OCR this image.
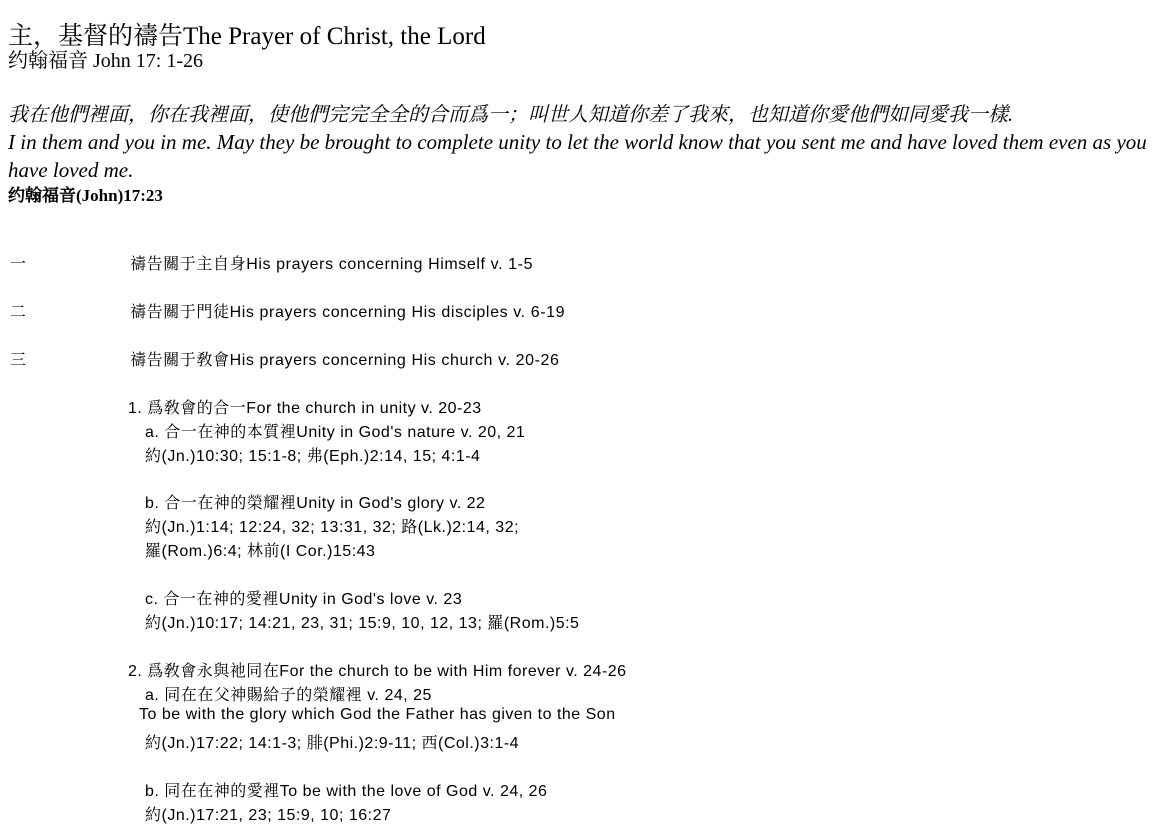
主，基督的禱告The Prayer of Christ, the Lord
约翰福音 John 17: 1-26
我在他們裡面，你在我裡面，使他們完完全全的合而爲一；叫世人知道你差了我來，也知道你愛他們如同愛我一樣.
I in them and you in me. May they be brought to complete unity to let the world know that you sent me and have loved them even as you have loved me.
约翰福音(John)17:23
一	禱告關于主自身His prayers concerning Himself v. 1-5
二	禱告關于門徒His prayers concerning His disciples v. 6-19
三	禱告關于敎會His prayers concerning His church v. 20-26
1. 爲敎會的合一For the church in unity v. 20-23
a. 合一在神的本質裡Unity in God's nature v. 20, 21
約(Jn.)10:30; 15:1-8; 弗(Eph.)2:14, 15; 4:1-4
b. 合一在神的榮耀裡Unity in God's glory v. 22
約(Jn.)1:14; 12:24, 32; 13:31, 32; 路(Lk.)2:14, 32;
羅(Rom.)6:4; 林前(I Cor.)15:43
c. 合一在神的愛裡Unity in God's love v. 23
約(Jn.)10:17; 14:21, 23, 31; 15:9, 10, 12, 13; 羅(Rom.)5:5
2. 爲敎會永與祂同在For the church to be with Him forever v. 24-26
a. 同在在父神賜給子的榮耀裡 v. 24, 25
To be with the glory which God the Father has given to the Son
約(Jn.)17:22; 14:1-3; 腓(Phi.)2:9-11; 西(Col.)3:1-4
b. 同在在神的愛裡To be with the love of God v. 24, 26
約(Jn.)17:21, 23; 15:9, 10; 16:27
